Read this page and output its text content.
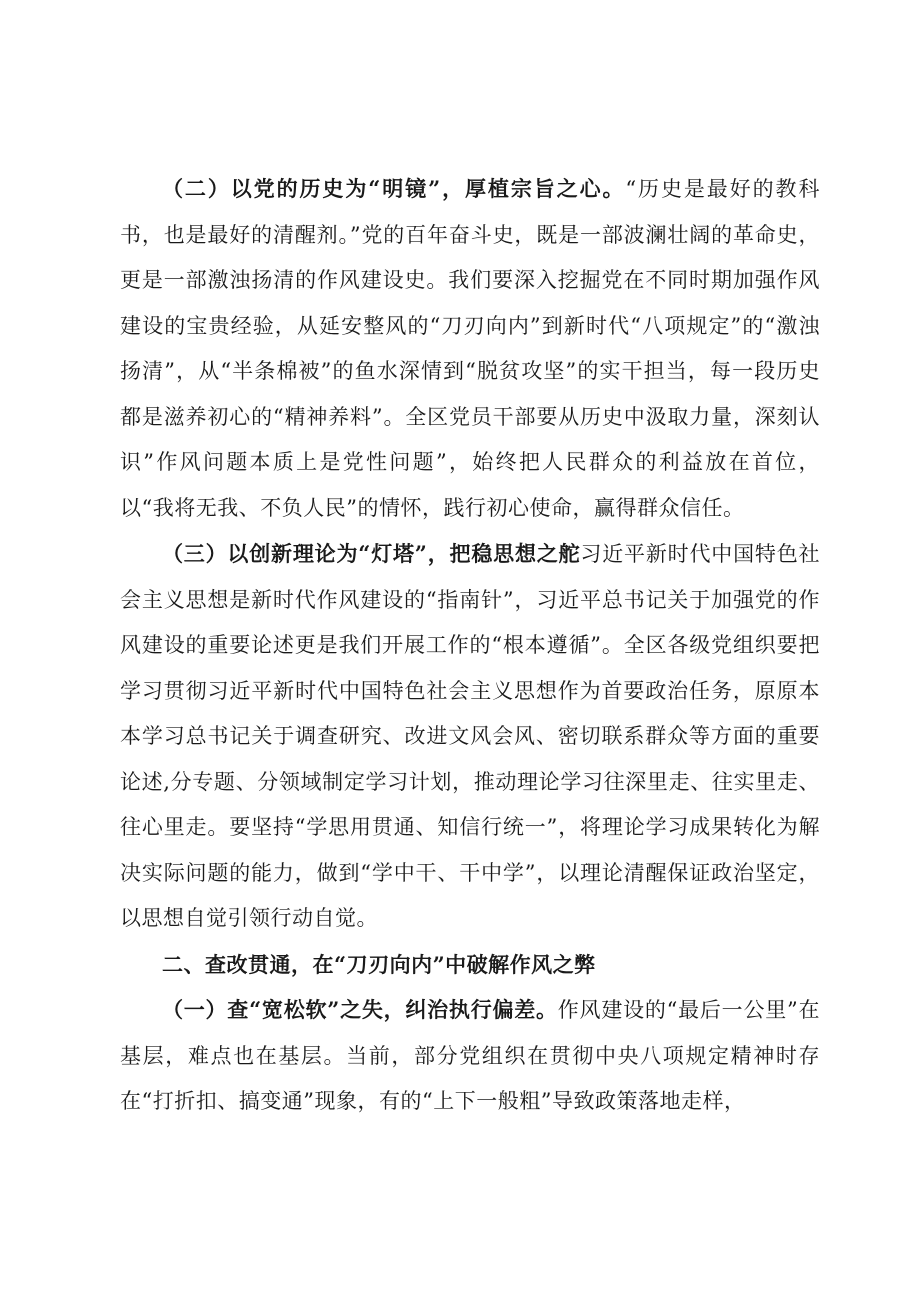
（二）以党的历史为“明镜”，厚植宗旨之心。“历史是最好的教科书，也是最好的清醒剂。”党的百年奋斗史，既是一部波澜壮阔的革命史，更是一部激浊扬清的作风建设史。我们要深入挖掘党在不同时期加强作风建设的宝贵经验，从延安整风的“刀刃向内”到新时代“八项规定”的“激浊扬清”，从“半条棉被”的鱼水深情到“脱贫攻坚”的实干担当，每一段历史都是滋养初心的“精神养料”。全区党员干部要从历史中汲取力量，深刻认识”作风问题本质上是党性问题”，始终把人民群众的利益放在首位，以“我将无我、不负人民”的情怀，践行初心使命，赢得群众信任。

（三）以创新理论为“灯塔”，把稳思想之舵习近平新时代中国特色社会主义思想是新时代作风建设的“指南针”，习近平总书记关于加强党的作风建设的重要论述更是我们开展工作的“根本遵循”。全区各级党组织要把学习贯彻习近平新时代中国特色社会主义思想作为首要政治任务，原原本本学习总书记关于调查研究、改进文风会风、密切联系群众等方面的重要论述,分专题、分领域制定学习计划，推动理论学习往深里走、往实里走、往心里走。要坚持“学思用贯通、知信行统一”，将理论学习成果转化为解决实际问题的能力，做到“学中干、干中学”，以理论清醒保证政治坚定，以思想自觉引领行动自觉。

二、查改贯通，在“刀刃向内”中破解作风之弊

（一）查“宽松软”之失，纠治执行偏差。作风建设的“最后一公里”在基层，难点也在基层。当前，部分党组织在贯彻中央八项规定精神时存在“打折扣、搞变通”现象，有的“上下一般粗”导致政策落地走样，
